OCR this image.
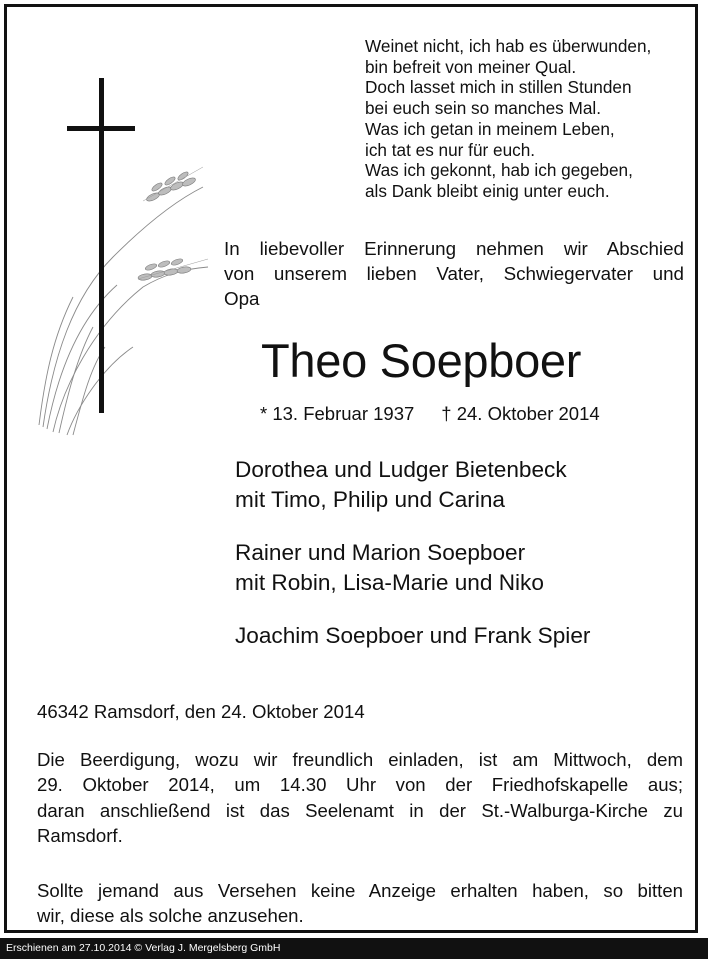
Weinet nicht, ich hab es überwunden,
bin befreit von meiner Qual.
Doch lasset mich in stillen Stunden
bei euch sein so manches Mal.
Was ich getan in meinem Leben,
ich tat es nur für euch.
Was ich gekonnt, hab ich gegeben,
als Dank bleibt einig unter euch.
In liebevoller Erinnerung nehmen wir Abschied
von unserem lieben Vater, Schwiegervater und
Opa
Theo Soepboer
* 13. Februar 1937 † 24. Oktober 2014
Dorothea und Ludger Bietenbeck
mit Timo, Philip und Carina
Rainer und Marion Soepboer
mit Robin, Lisa-Marie und Niko
Joachim Soepboer und Frank Spier
46342 Ramsdorf, den 24. Oktober 2014
Die Beerdigung, wozu wir freundlich einladen, ist am Mittwoch, dem
29. Oktober 2014, um 14.30 Uhr von der Friedhofskapelle aus;
daran anschließend ist das Seelenamt in der St.-Walburga-Kirche zu
Ramsdorf.
Sollte jemand aus Versehen keine Anzeige erhalten haben, so bitten
wir, diese als solche anzusehen.
Erschienen am 27.10.2014 © Verlag J. Mergelsberg GmbH
